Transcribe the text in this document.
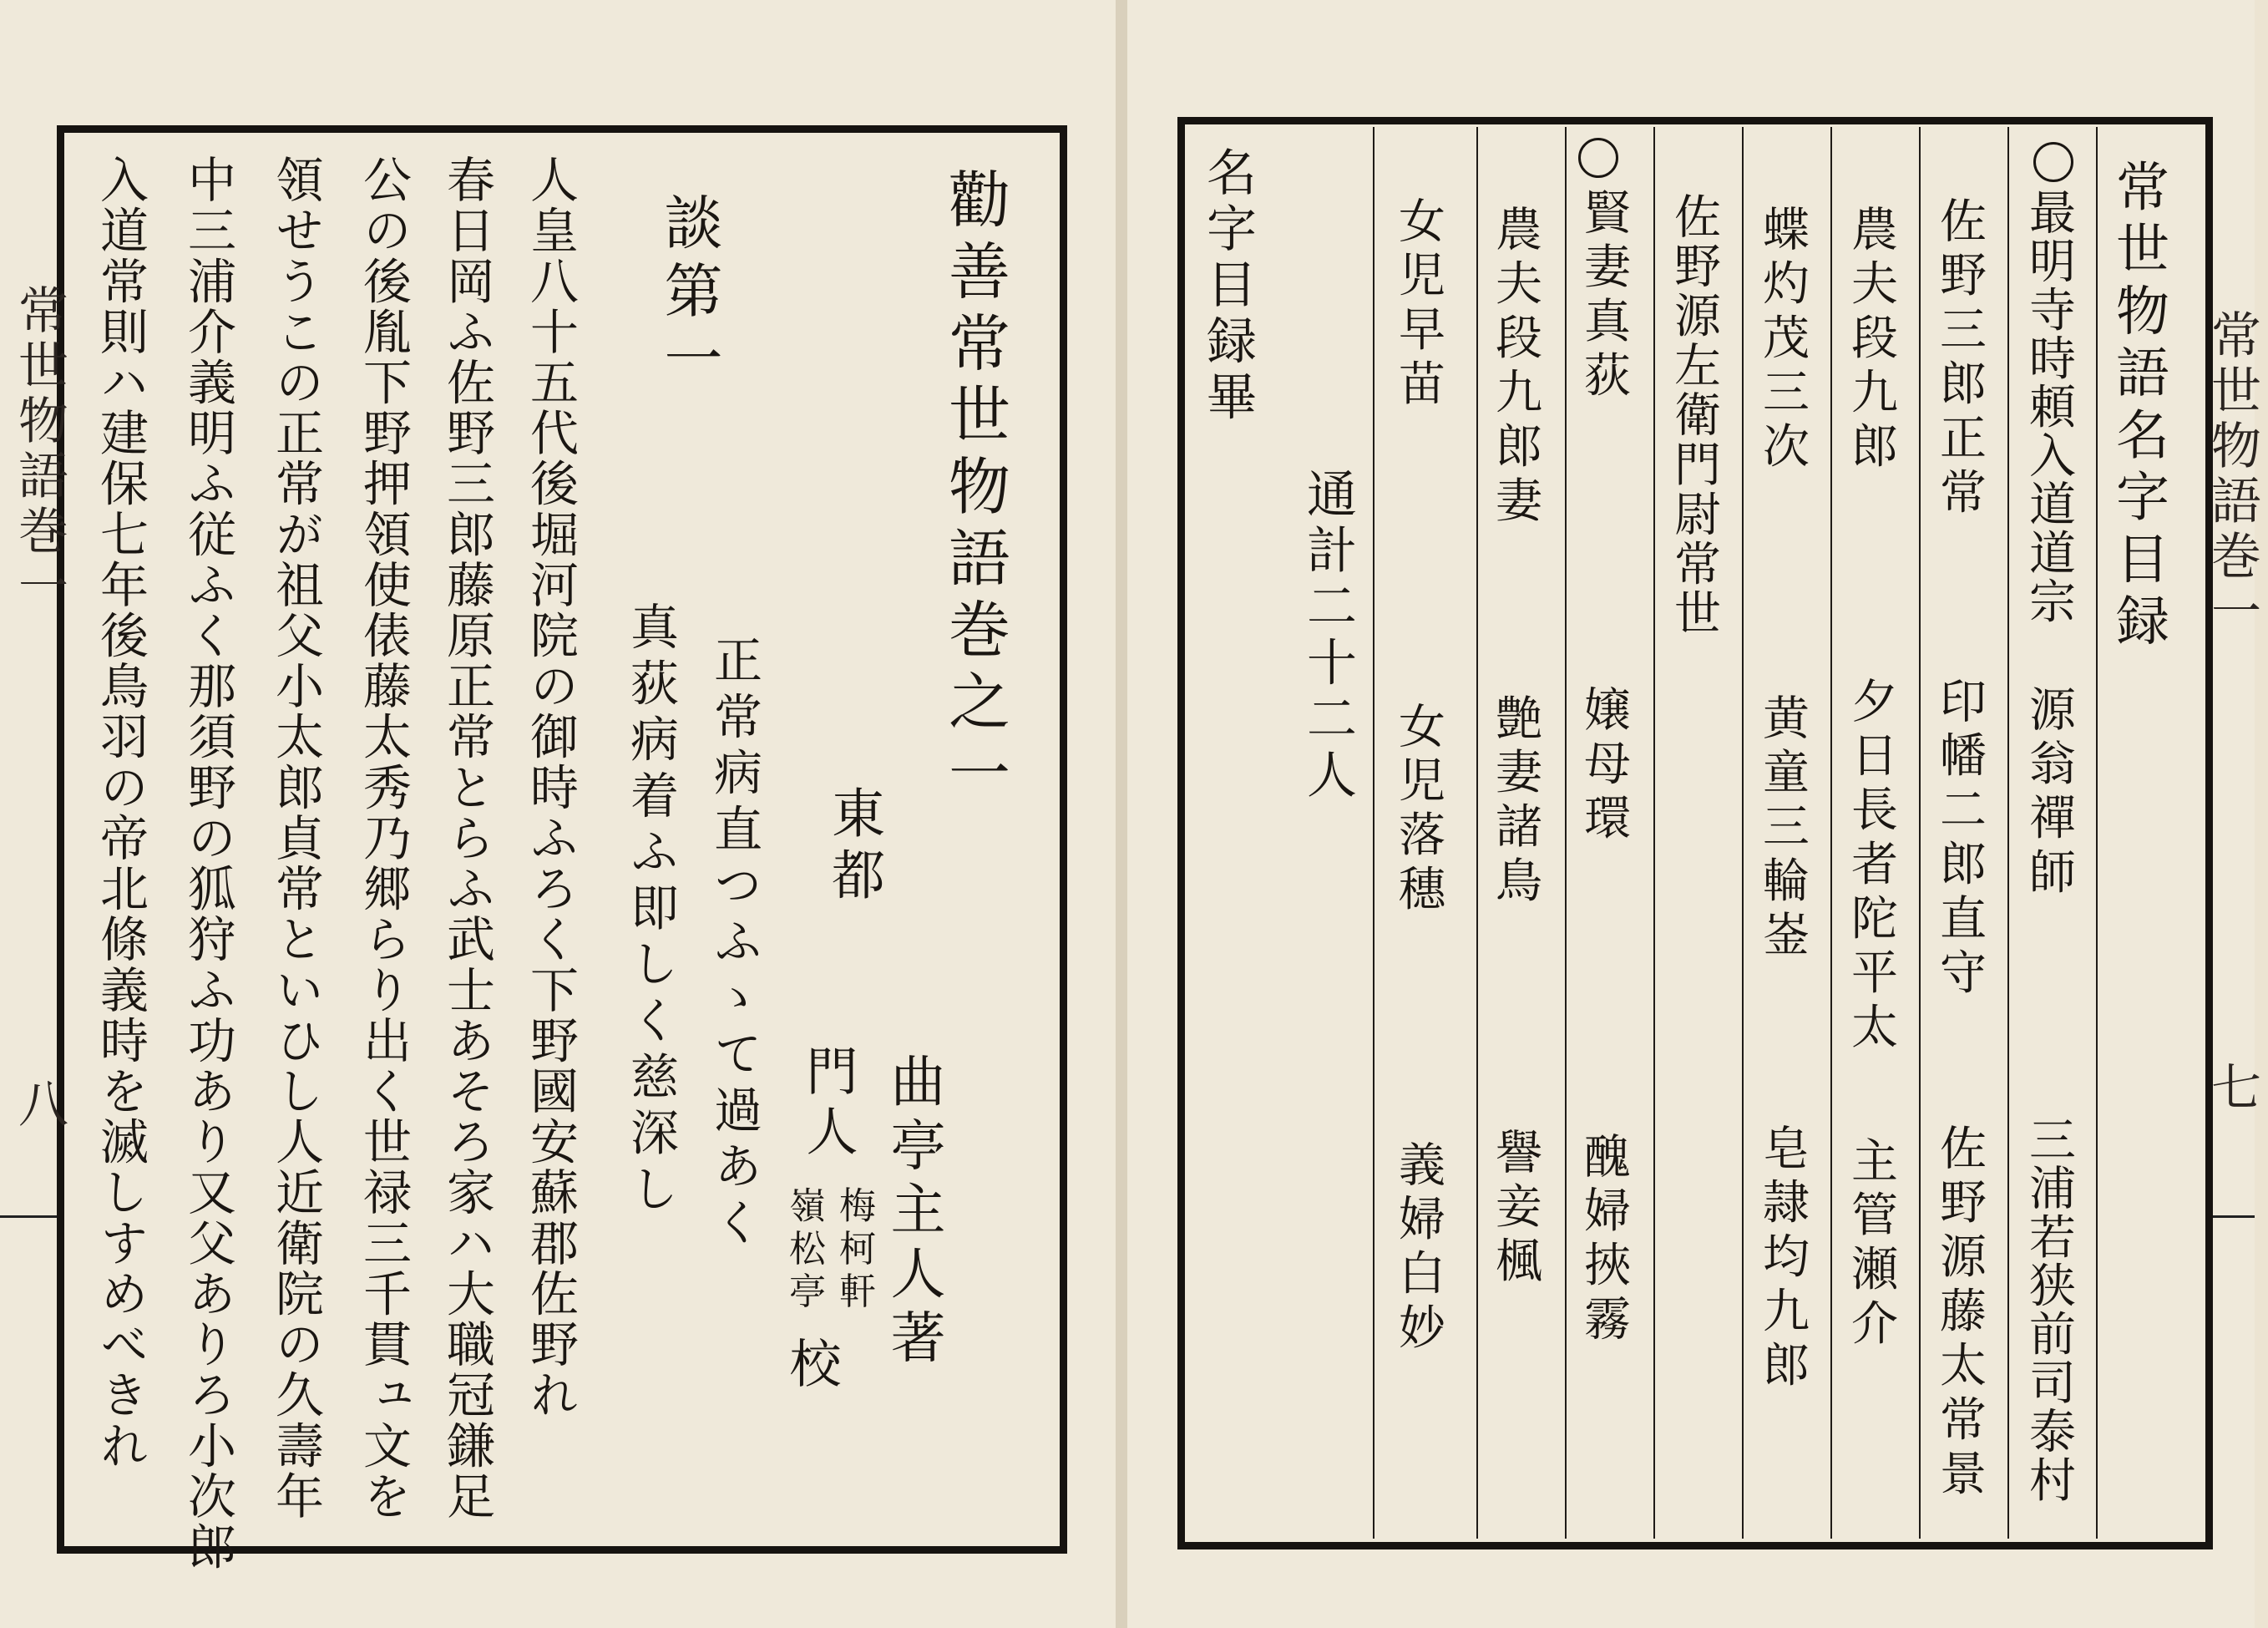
常世物語巻一
八
勸善常世物語巻之一
談第一
正常病直つふゝて過あく
真荻病着ふ即しく慈深し	東都
曲亭主人著
門人
梅柯軒
嶺松亭
校
人皇八十五代後堀河院の御時ふろく下野國安蘇郡佐野れ
春日岡ふ佐野三郎藤原正常とらふ武士あそろ家ハ大職冠鎌足
公の後胤下野押領使俵藤太秀乃郷らり出く世禄三千貫ュ文を
領せうこの正常が祖父小太郎貞常といひし人近衛院の久壽年
中三浦介義明ふ従ふく那須野の狐狩ふ功あり又父ありろ小次郎
入道常則ハ建保七年後鳥羽の帝北條義時を滅しすめべきれ	常世物語巻一
七
常世物語名字目録
最明寺時頼入道道宗
源翁禪師
三浦若狭前司泰村
佐野三郎正常
印幡二郎直守
佐野源藤太常景
農夫段九郎
夕日長者陀平太
主管瀬介
蝶灼茂三次
黄童三輪崟
皂隷均九郎
佐野源左衛門尉常世
賢妻真荻
嬢母環
醜婦挾霧
農夫段九郎妻
艶妻諸鳥
譽妾楓
女児早苗
女児落穗
義婦白妙
通計二十二人
名字目録畢
